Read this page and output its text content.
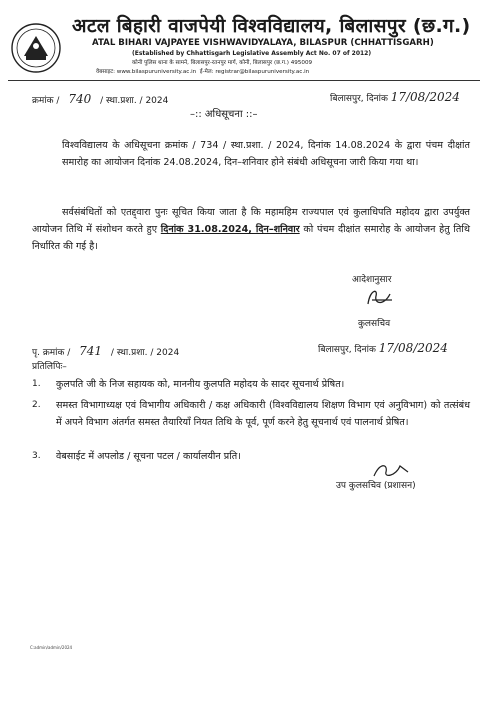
अटल बिहारी वाजपेयी विश्वविद्यालय, बिलासपुर (छ.ग.)
ATAL BIHARI VAJPAYEE VISHWAVIDYALAYA, BILASPUR (CHHATTISGARH)
(Established by Chhattisgarh Legislative Assembly Act No. 07 of 2012)
कोनी पुलिस थाना के सामने, बिलासपुर-रतनपुर मार्ग, कोनी, बिलासपुर (छ.ग.) 495009
वेबसाइट: www.bilaspuruniversity.ac.in ई-मेल: registrar@bilaspuruniversity.ac.in
क्रमांक / 740 / स्था.प्रशा. / 2024	बिलासपुर, दिनांक 17/08/2024
–:: अधिसूचना ::–
विश्वविद्यालय के अधिसूचना क्रमांक / 734 / स्था.प्रशा. / 2024, दिनांक 14.08.2024 के द्वारा पंचम दीक्षांत समारोह का आयोजन दिनांक 24.08.2024, दिन–शनिवार होने संबंधी अधिसूचना जारी किया गया था।
सर्वसंबंधितों को एतद्द्वारा पुनः सूचित किया जाता है कि महामहिम राज्यपाल एवं कुलाधिपति महोदय द्वारा उपर्युक्त आयोजन तिथि में संशोधन करते हुए दिनांक 31.08.2024, दिन–शनिवार को पंचम दीक्षांत समारोह के आयोजन हेतु तिथि निर्धारित की गई है।
आदेशानुसार
कुलसचिव
पृ. क्रमांक / 741 / स्था.प्रशा. / 2024	बिलासपुर, दिनांक 17/08/2024
प्रतिलिपिः–
1. कुलपति जी के निज सहायक को, माननीय कुलपति महोदय के सादर सूचनार्थ प्रेषित।
2. समस्त विभागाध्यक्ष एवं विभागीय अधिकारी / कक्ष अधिकारी (विश्वविद्यालय शिक्षण विभाग एवं अनुविभाग) को तत्संबंध में अपने विभाग अंतर्गत समस्त तैयारियाँ नियत तिथि के पूर्व, पूर्ण करने हेतु सूचनार्थ एवं पालनार्थ प्रेषित।
3. वेबसाईट में अपलोड / सूचना पटल / कार्यालयीन प्रति।
उप कुलसचिव (प्रशासन)
C:admin/admin/2024
